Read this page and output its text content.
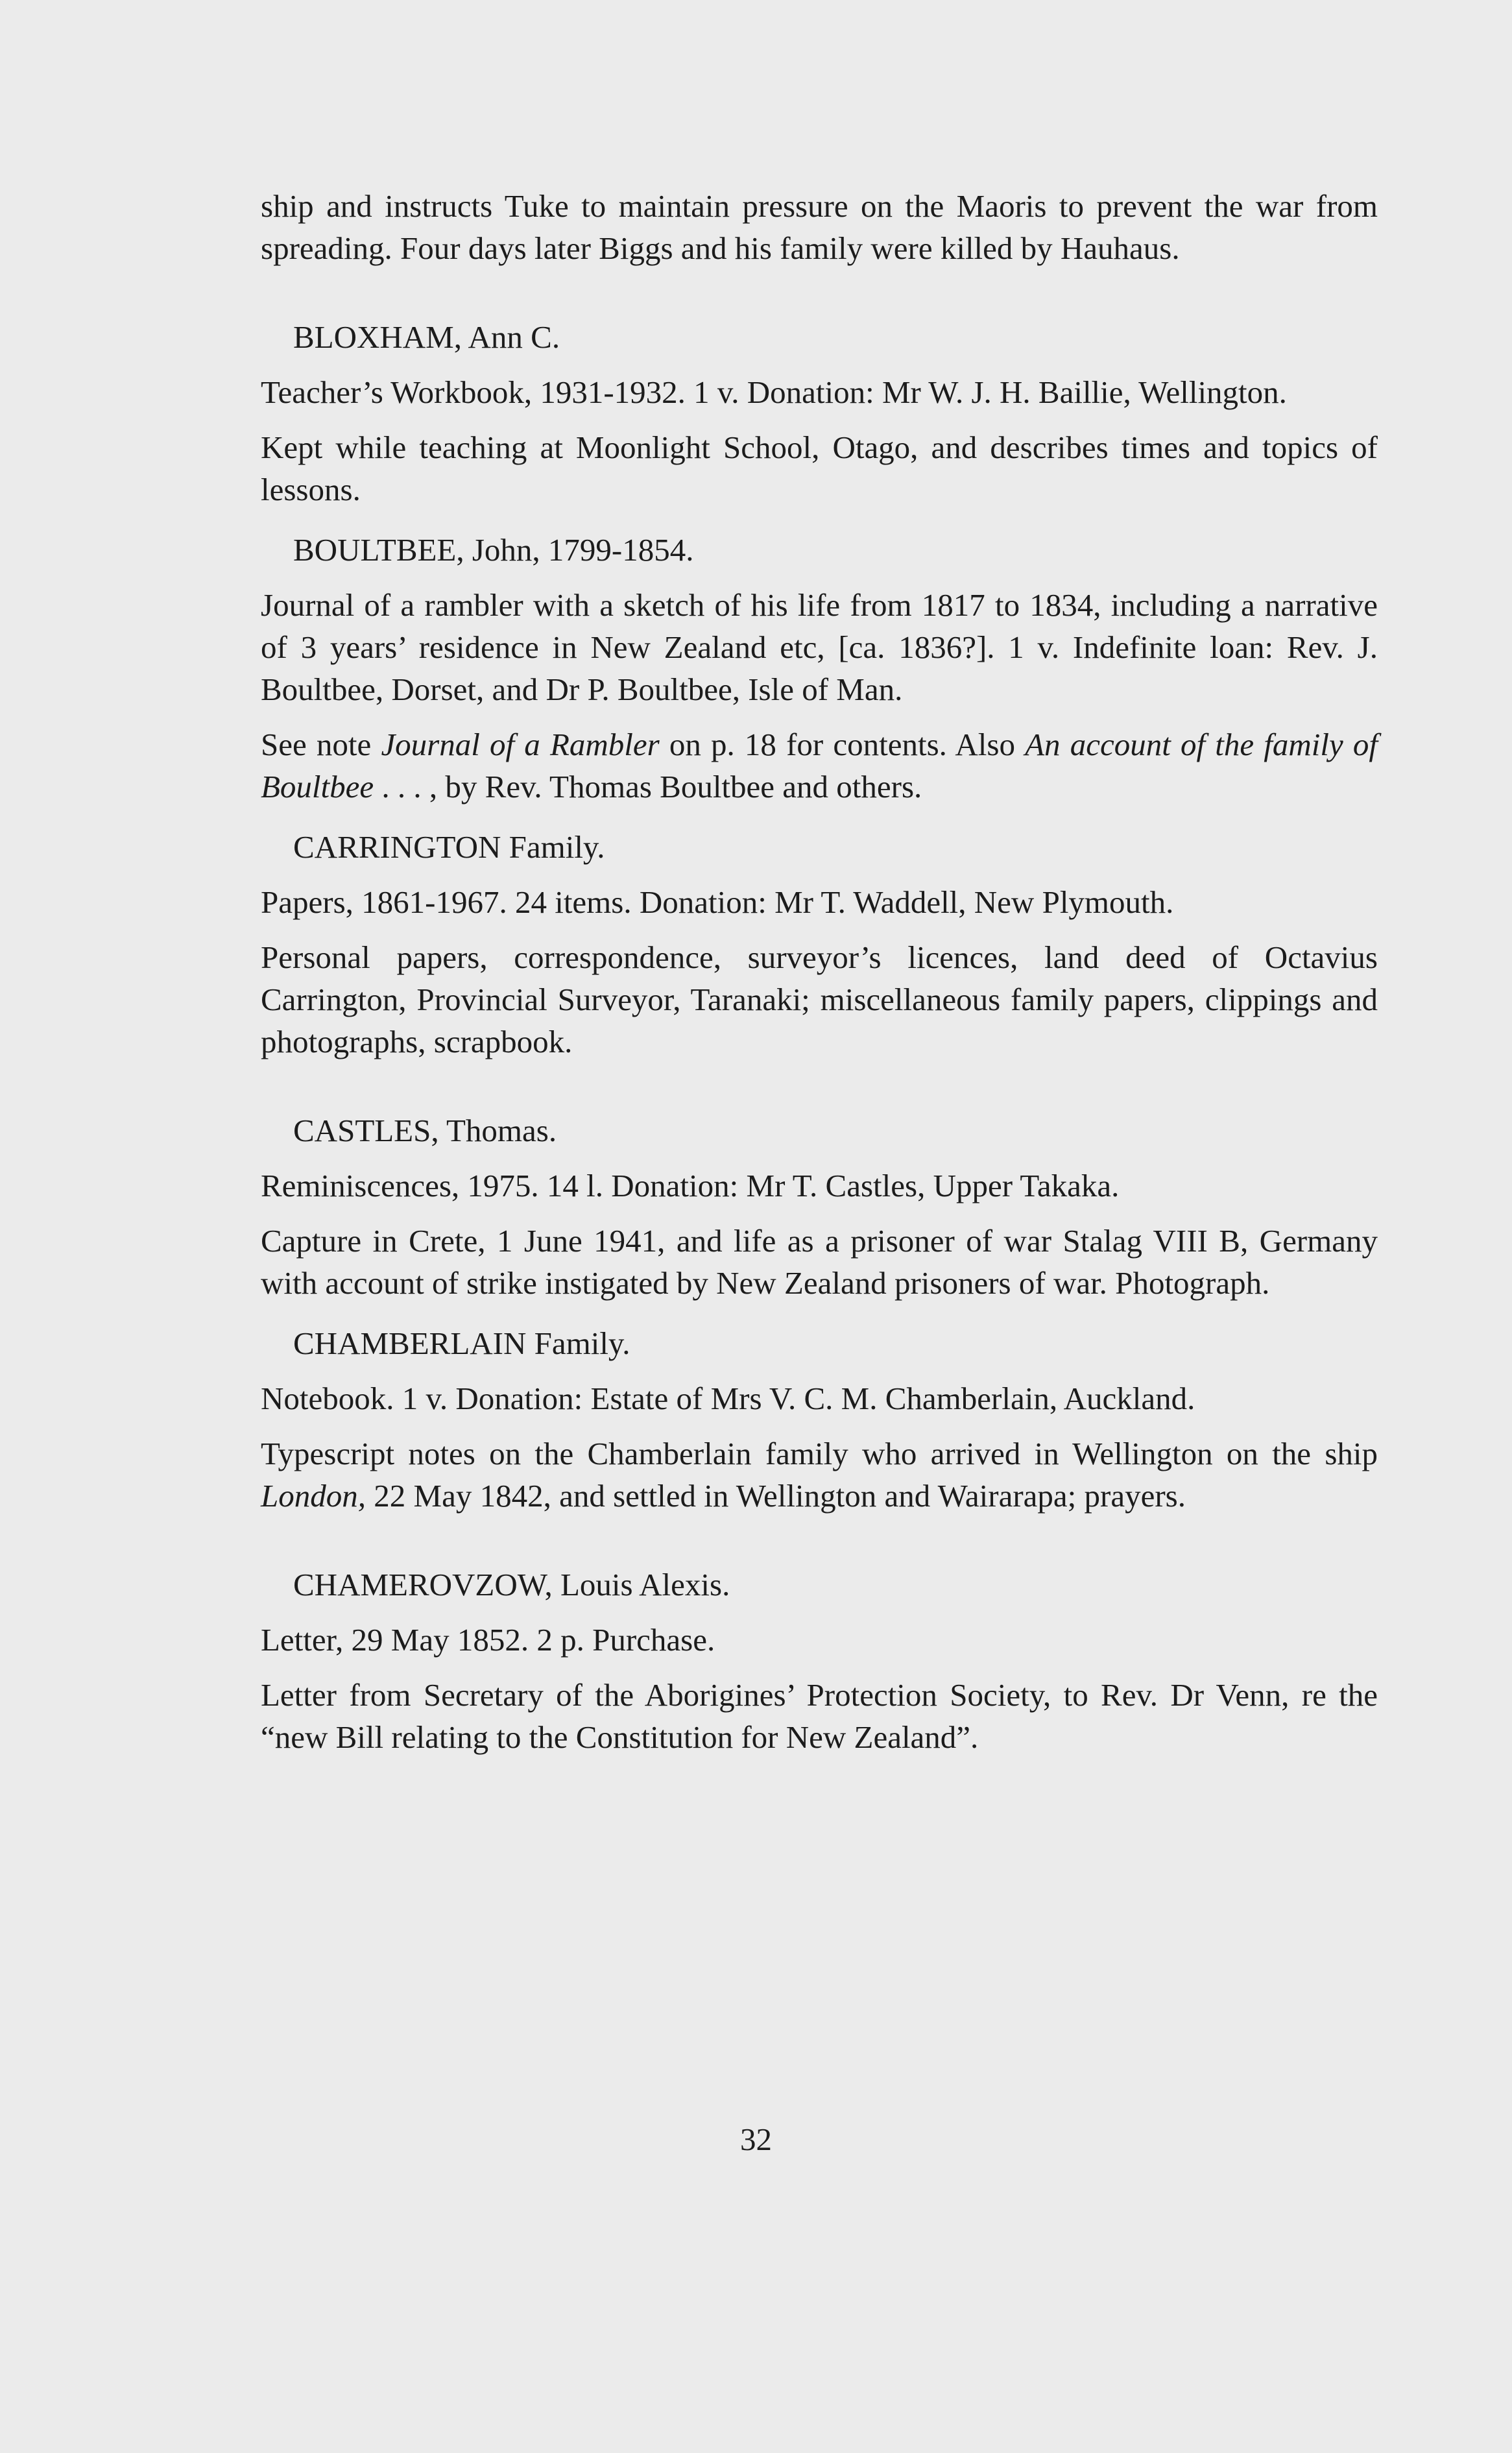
ship and instructs Tuke to maintain pressure on the Maoris to prevent the war from spreading. Four days later Biggs and his family were killed by Hauhaus.

BLOXHAM, Ann C.

Teacher’s Workbook, 1931-1932. 1 v. Donation: Mr W. J. H. Baillie, Wellington.

Kept while teaching at Moonlight School, Otago, and describes times and topics of lessons.

BOULTBEE, John, 1799-1854.

Journal of a rambler with a sketch of his life from 1817 to 1834, including a narrative of 3 years’ residence in New Zealand etc, [ca. 1836?]. 1 v. Indefinite loan: Rev. J. Boultbee, Dorset, and Dr P. Boultbee, Isle of Man.

See note Journal of a Rambler on p. 18 for contents. Also An account of the family of Boultbee . . . , by Rev. Thomas Boultbee and others.

CARRINGTON Family.

Papers, 1861-1967. 24 items. Donation: Mr T. Waddell, New Plymouth.

Personal papers, correspondence, surveyor’s licences, land deed of Octavius Carrington, Provincial Surveyor, Taranaki; miscellaneous family papers, clippings and photographs, scrapbook.

CASTLES, Thomas.

Reminiscences, 1975. 14 l. Donation: Mr T. Castles, Upper Takaka.

Capture in Crete, 1 June 1941, and life as a prisoner of war Stalag VIII B, Germany with account of strike instigated by New Zealand prisoners of war. Photograph.

CHAMBERLAIN Family.

Notebook. 1 v. Donation: Estate of Mrs V. C. M. Chamberlain, Auckland.

Typescript notes on the Chamberlain family who arrived in Wellington on the ship London, 22 May 1842, and settled in Wellington and Wairarapa; prayers.

CHAMEROVZOW, Louis Alexis.

Letter, 29 May 1852. 2 p. Purchase.

Letter from Secretary of the Aborigines’ Protection Society, to Rev. Dr Venn, re the “new Bill relating to the Constitution for New Zealand”.

32
